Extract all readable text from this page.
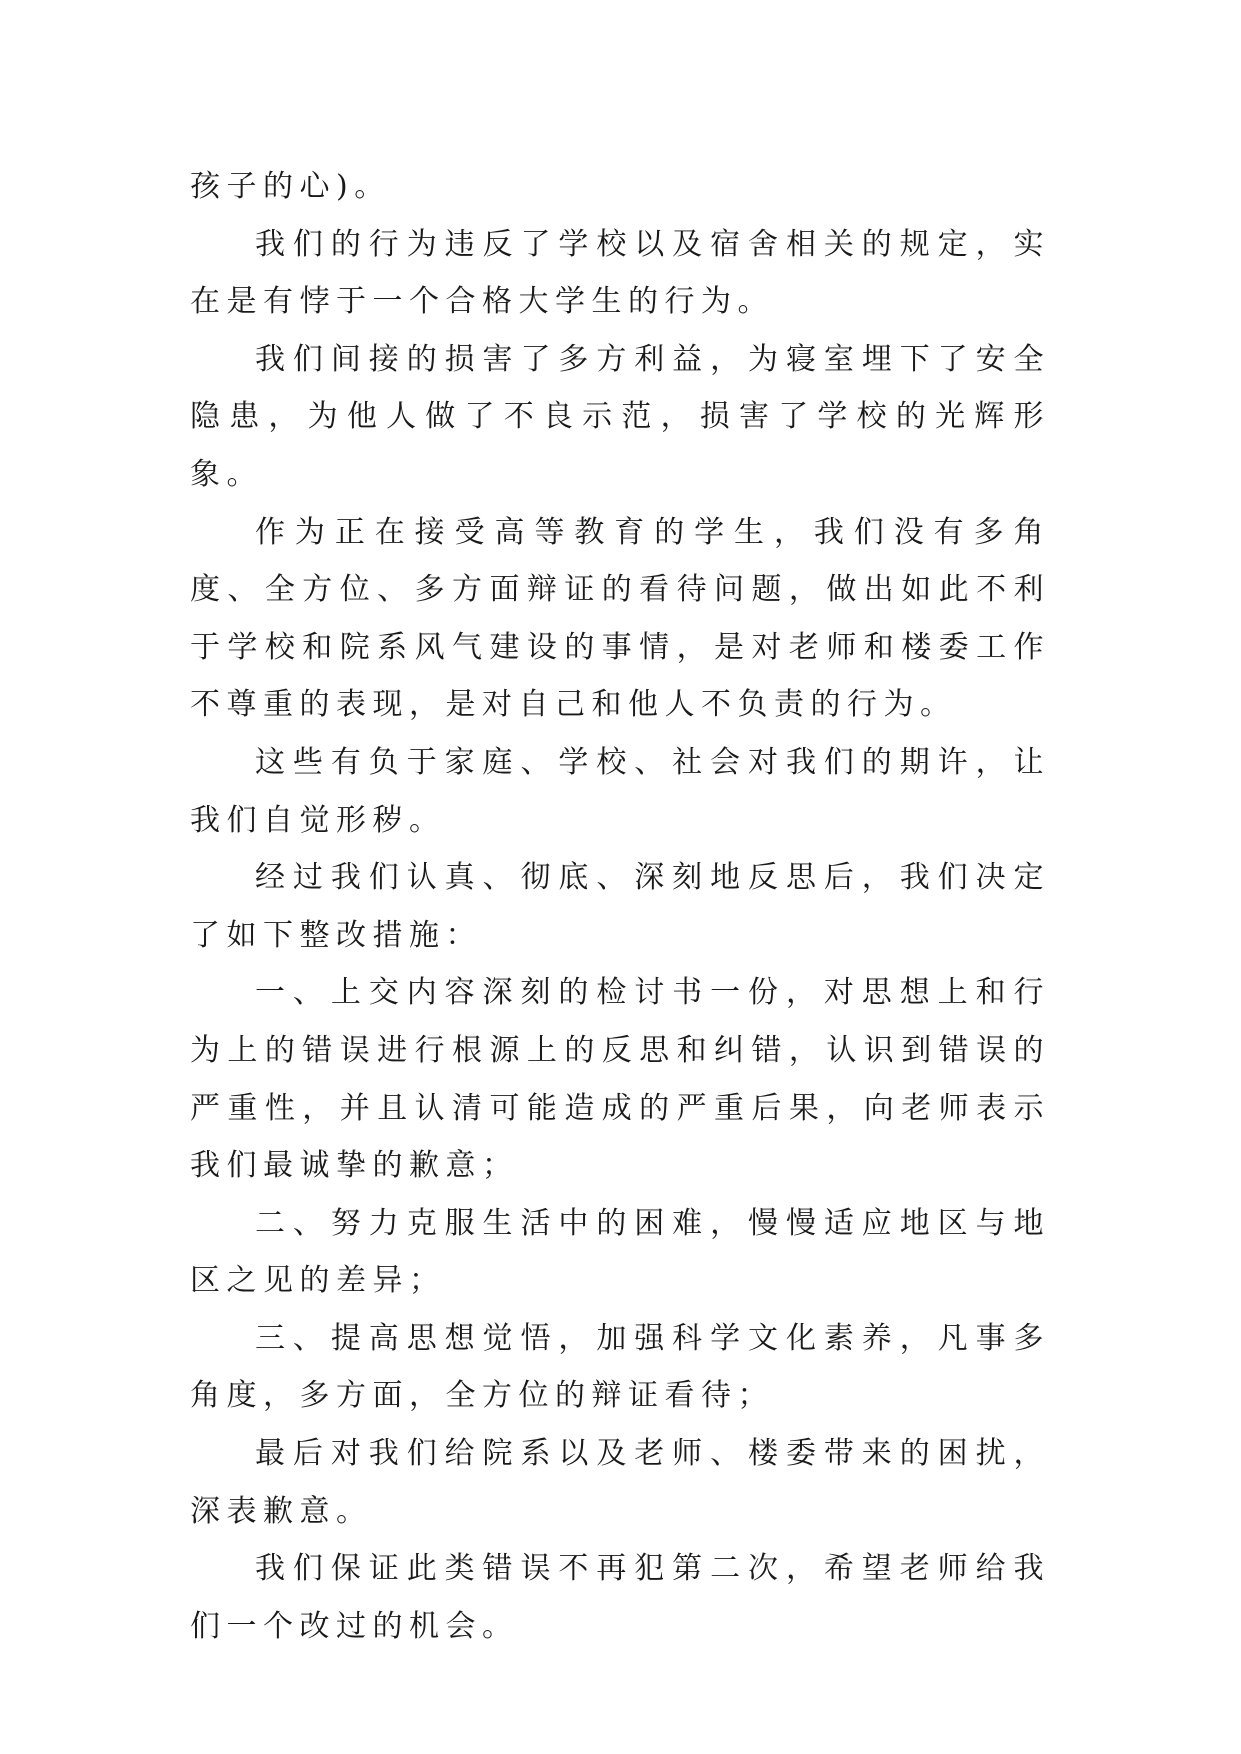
孩子的心)。

我们的行为违反了学校以及宿舍相关的规定，实在是有悖于一个合格大学生的行为。

我们间接的损害了多方利益，为寝室埋下了安全隐患，为他人做了不良示范，损害了学校的光辉形象。

作为正在接受高等教育的学生，我们没有多角度、全方位、多方面辩证的看待问题，做出如此不利于学校和院系风气建设的事情，是对老师和楼委工作不尊重的表现，是对自己和他人不负责的行为。

这些有负于家庭、学校、社会对我们的期许，让我们自觉形秽。

经过我们认真、彻底、深刻地反思后，我们决定了如下整改措施：

一、上交内容深刻的检讨书一份，对思想上和行为上的错误进行根源上的反思和纠错，认识到错误的严重性，并且认清可能造成的严重后果，向老师表示我们最诚挚的歉意；

二、努力克服生活中的困难，慢慢适应地区与地区之见的差异；

三、提高思想觉悟，加强科学文化素养，凡事多角度，多方面，全方位的辩证看待；

最后对我们给院系以及老师、楼委带来的困扰，深表歉意。

我们保证此类错误不再犯第二次，希望老师给我们一个改过的机会。
